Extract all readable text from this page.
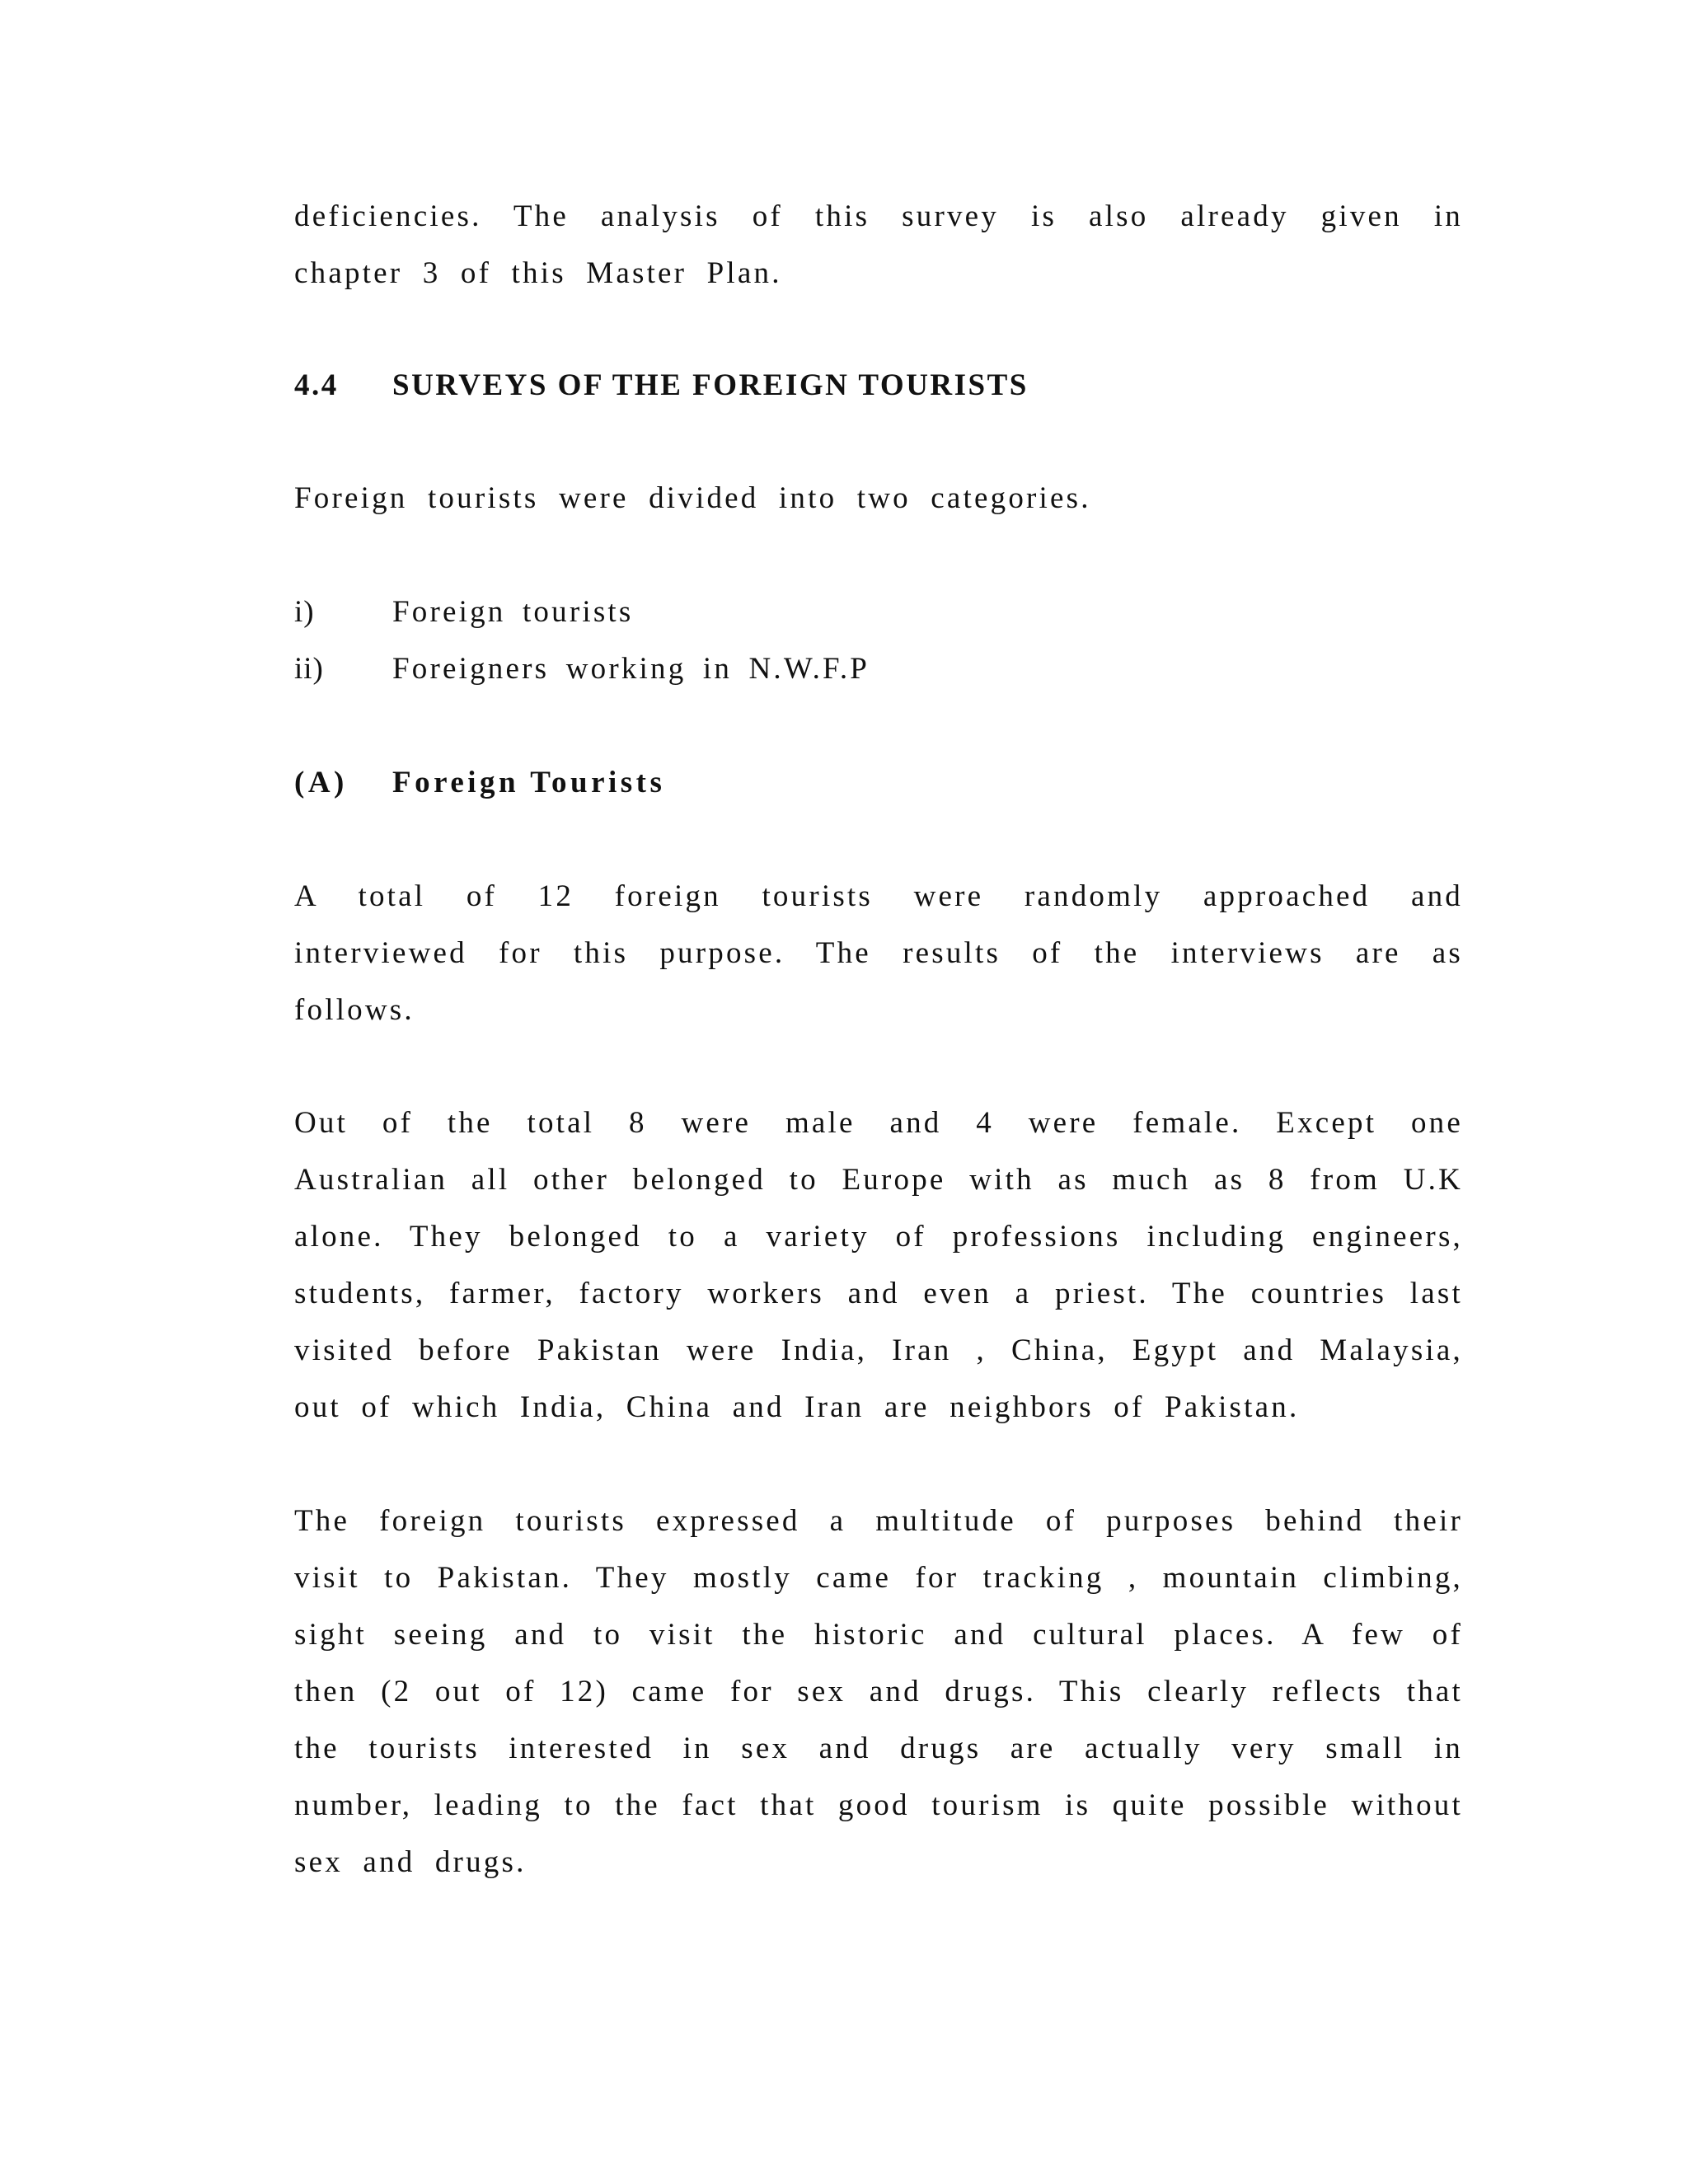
deficiencies. The analysis of this survey is also already given in chapter 3 of this Master Plan.

4.4 SURVEYS OF THE FOREIGN TOURISTS

Foreign tourists were divided into two categories.

i)	Foreign tourists
ii) Foreigners working in N.W.F.P
(A) Foreign Tourists

A total of 12 foreign tourists were randomly approached and interviewed for this purpose. The results of the interviews are as follows.

Out of the total 8 were male and 4 were female. Except one Australian all other belonged to Europe with as much as 8 from U.K alone. They belonged to a variety of professions including engineers, students, farmer, factory workers and even a priest. The countries last visited before Pakistan were India, Iran , China, Egypt and Malaysia, out of which India, China and Iran are neighbors of Pakistan.

The foreign tourists expressed a multitude of purposes behind their visit to Pakistan. They mostly came for tracking , mountain climbing, sight seeing and to visit the historic and cultural places. A few of then (2 out of 12) came for sex and drugs. This clearly reflects that the tourists interested in sex and drugs are actually very small in number, leading to the fact that good tourism is quite possible without sex and drugs.
